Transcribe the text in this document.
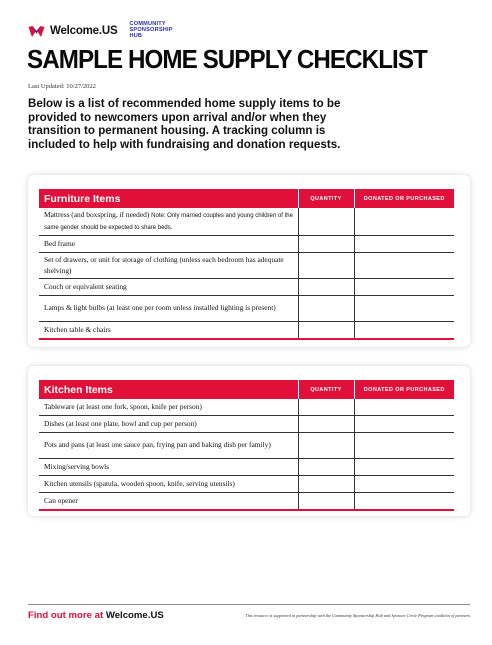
Welcome.US
COMMUNITY
SPONSORSHIP
HUB
SAMPLE HOME SUPPLY CHECKLIST
Last Updated: 10/27/2022

Below is a list of recommended home supply items to be provided to newcomers upon arrival and/or when they transition to permanent housing. A tracking column is included to help with fundraising and donation requests.

Furniture Items	QUANTITY	DONATED OR PURCHASED
Mattress (and boxspring, if needed) Note: Only married couples and young children of the same gender should be expected to share beds.		
Bed frame		
Set of drawers, or unit for storage of clothing (unless each bedroom has adequate shelving)		
Couch or equivalent seating		
Lamps & light bulbs (at least one per room unless installed lighting is present)		
Kitchen table & chairs		
Kitchen Items	QUANTITY	DONATED OR PURCHASED
Tableware (at least one fork, spoon, knife per person)		
Dishes (at least one plate, bowl and cup per person)		
Pots and pans (at least one sauce pan, frying pan and baking dish per family)		
Mixing/serving bowls		
Kitchen utensils (spatula, wooden spoon, knife, serving utensils)		
Can opener		
Find out more at Welcome.US	This resource is supported in partnership with the Community Sponsorship Hub and Sponsor Circle Program coalition of partners.
